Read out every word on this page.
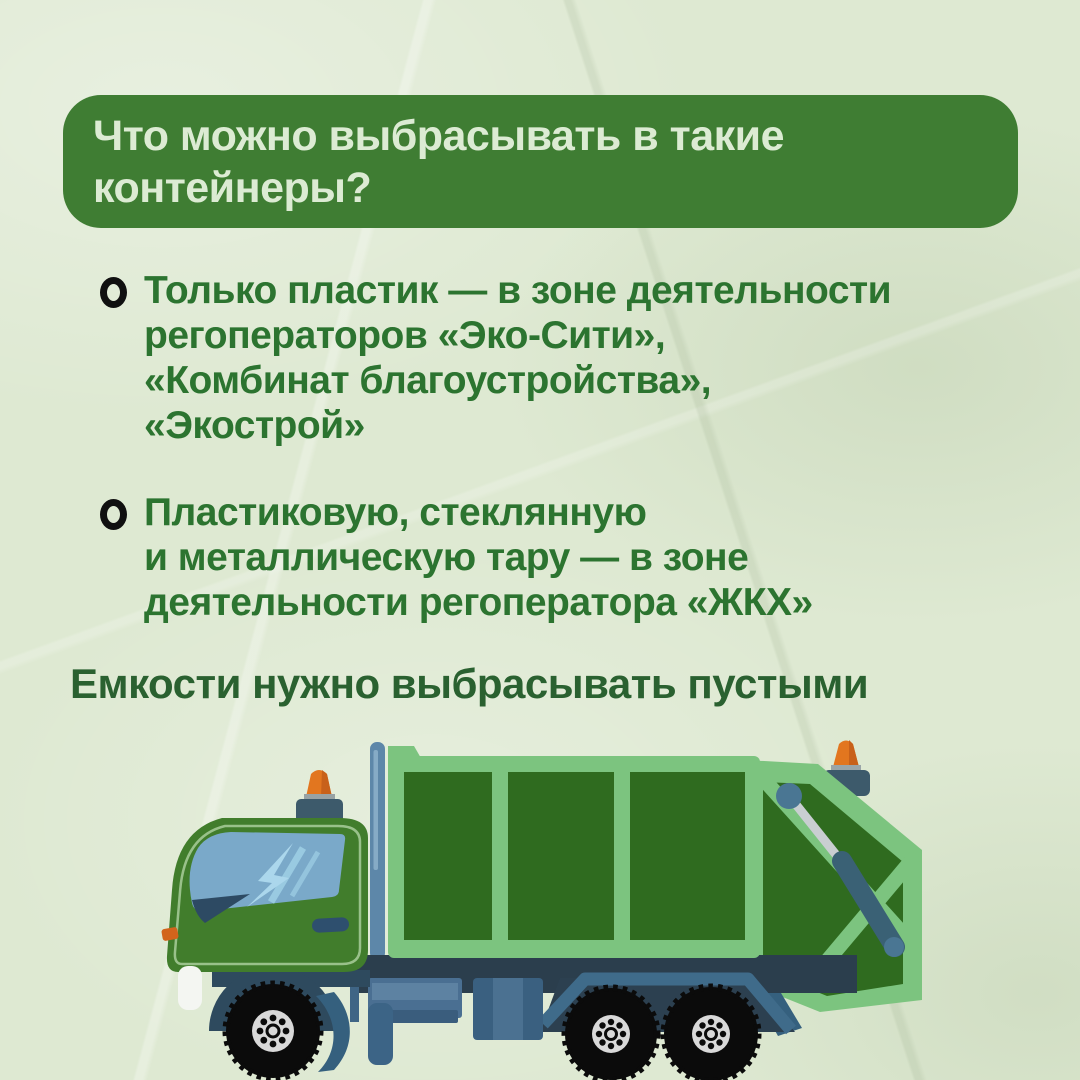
Что можно выбрасывать в такие
контейнеры?
Только пластик — в зоне деятельности
регоператоров «Эко-Сити»,
«Комбинат благоустройства»,
«Экострой»
Пластиковую, стеклянную
и металлическую тару — в зоне
деятельности регоператора «ЖКХ»

Емкости нужно выбрасывать пустыми
